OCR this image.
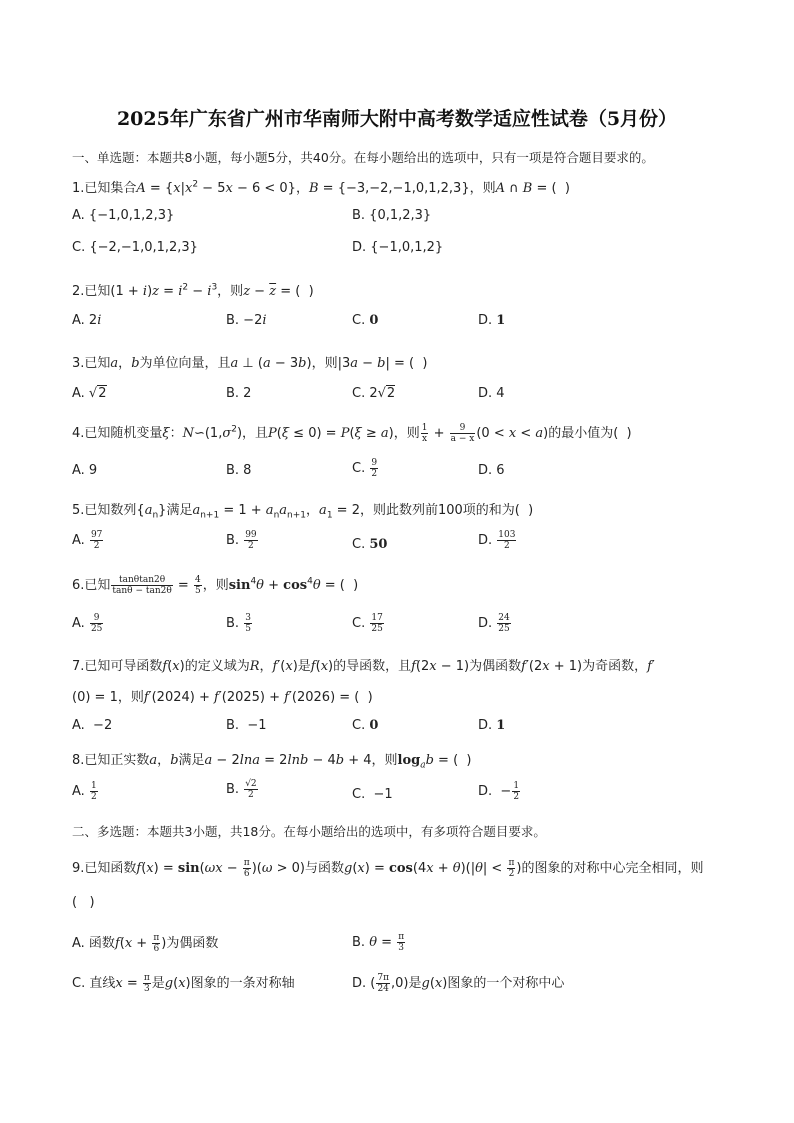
2025年广东省广州市华南师大附中高考数学适应性试卷（5月份）
一、单选题：本题共8小题，每小题5分，共40分。在每小题给出的选项中，只有一项是符合题目要求的。
1.已知集合$A = \{x|x^2 - 5x - 6 < 0\}$，B = {−3,−2,−1,0,1,2,3}，则A ∩ B = (  )
A. {−1,0,1,2,3}	B. {0,1,2,3}
C. {−2,−1,0,1,2,3}	D. {−1,0,1,2}
2.已知$(1 + i)z = i^2 - i^3$，则$z - \overline{z}$ = (  )
A. 2i	B. −2i	C. 0	D. 1
3.已知a，b为单位向量，且a ⊥ (a − 3b)，则|3a − b| = (  )
A. √2	B. 2	C. 2√2	D. 4
4.已知随机变量ξ：$N∽(1,\sigma^2)$，且P(ξ ≤ 0) = P(ξ ≥ a)，则 $\frac{1}{x} + \frac{9}{a - x} (0 < x < a)$的最小值为(  )
A. 9	B. 8	C. $\frac{9}{2}$	D. 6
5.已知数列$\{a_n\}$满足$a_{n+1} = 1 + a_na_{n+1}$，$a_1 = 2$，则此数列前100项的和为(  )
A. $\frac{97}{2}$	B. $\frac{99}{2}$	C. 50	D. $\frac{103}{2}$
6.已知 $\frac{\tan\theta\tan 2\theta}{\tan\theta - \tan 2\theta} = \frac{4}{5}$ ，则$\sin^4\theta + \cos^4\theta$ = (  )
A. $\frac{9}{25}$	B. $\frac{3}{5}$	C. $\frac{17}{25}$	D. $\frac{24}{25}$
7.已知可导函数f(x)的定义域为R，f′(x)是f(x)的导函数，且f(2x − 1)为偶函数f′(2x + 1)为奇函数，f′
(0) = 1，则f′(2024) + f′(2025) + f′(2026) = (  )
A.  −2	B.  −1	C. 0	D. 1
8.已知正实数a，b满足a − 2lna = 2lnb − 4b + 4，则$\log_ab$ = (  )
A. $\frac{1}{2}$	B. $\frac{√2}{2}$	C.  −1	D.  − $\frac{1}{2}$
二、多选题：本题共3小题，共18分。在每小题给出的选项中，有多项符合题目要求。
9.已知函数$f(x) = \sin(\omega x - \frac{\pi}{6} )(\omega > 0)$与函数$g(x) = \cos(4x + \theta)(|\theta| < \frac{\pi}{2}$ )的图象的对称中心完全相同，则
(   )
A. 函数$f(x + \frac{\pi}{6}$ )为偶函数	B. $\theta = \frac{\pi}{3}$
C. 直线$x = \frac{\pi}{3}$ 是g(x)图象的一条对称轴	D. ( $\frac{7\pi}{24} ,0$)是g(x)图象的一个对称中心
